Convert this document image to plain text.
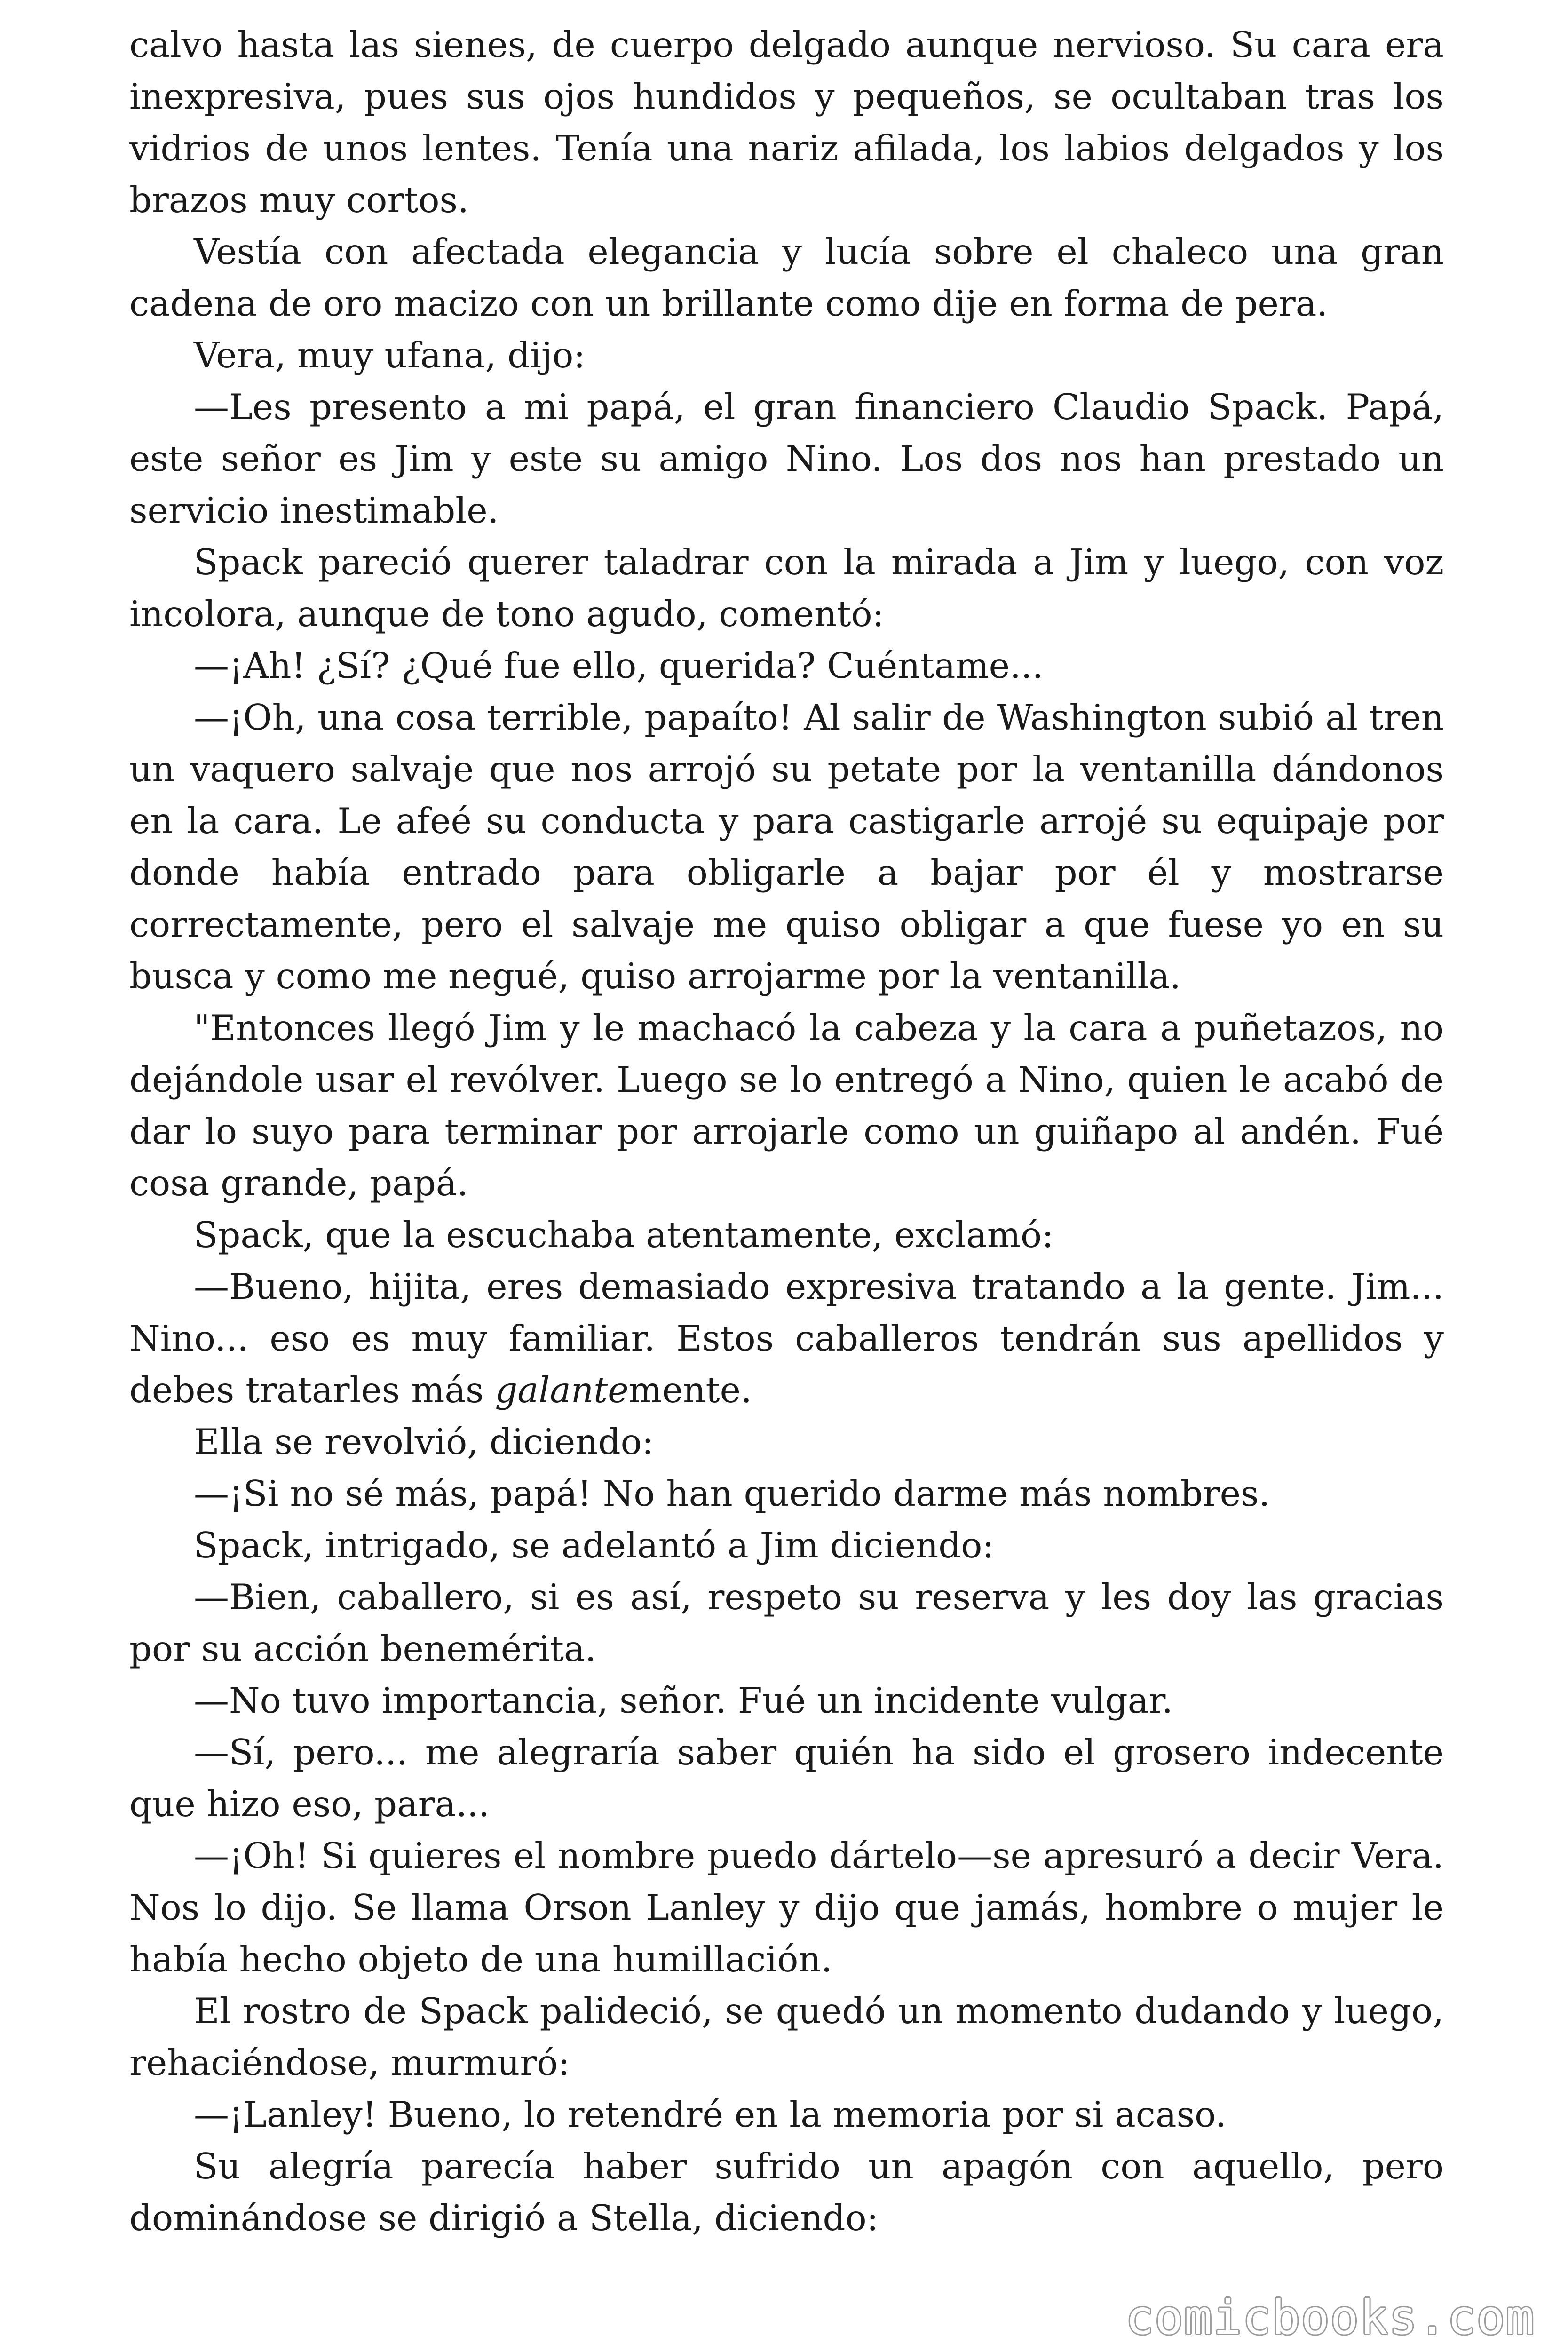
calvo hasta las sienes, de cuerpo delgado aunque nervioso. Su cara era inexpresiva, pues sus ojos hundidos y pequeños, se ocultaban tras los vidrios de unos lentes. Tenía una nariz afilada, los labios delgados y los brazos muy cortos.

Vestía con afectada elegancia y lucía sobre el chaleco una gran cadena de oro macizo con un brillante como dije en forma de pera.

Vera, muy ufana, dijo:

—Les presento a mi papá, el gran financiero Claudio Spack. Papá, este señor es Jim y este su amigo Nino. Los dos nos han prestado un servicio inestimable.

Spack pareció querer taladrar con la mirada a Jim y luego, con voz incolora, aunque de tono agudo, comentó:

—¡Ah! ¿Sí? ¿Qué fue ello, querida? Cuéntame...

—¡Oh, una cosa terrible, papaíto! Al salir de Washington subió al tren un vaquero salvaje que nos arrojó su petate por la ventanilla dándonos en la cara. Le afeé su conducta y para castigarle arrojé su equipaje por donde había entrado para obligarle a bajar por él y mostrarse correctamente, pero el salvaje me quiso obligar a que fuese yo en su busca y como me negué, quiso arrojarme por la ventanilla.

"Entonces llegó Jim y le machacó la cabeza y la cara a puñetazos, no dejándole usar el revólver. Luego se lo entregó a Nino, quien le acabó de dar lo suyo para terminar por arrojarle como un guiñapo al andén. Fué cosa grande, papá.

Spack, que la escuchaba atentamente, exclamó:

—Bueno, hijita, eres demasiado expresiva tratando a la gente. Jim... Nino... eso es muy familiar. Estos caballeros tendrán sus apellidos y debes tratarles más galantemente.

Ella se revolvió, diciendo:

—¡Si no sé más, papá! No han querido darme más nombres.

Spack, intrigado, se adelantó a Jim diciendo:

—Bien, caballero, si es así, respeto su reserva y les doy las gracias por su acción benemérita.

—No tuvo importancia, señor. Fué un incidente vulgar.

—Sí, pero... me alegraría saber quién ha sido el grosero indecente que hizo eso, para...

—¡Oh! Si quieres el nombre puedo dártelo—se apresuró a decir Vera. Nos lo dijo. Se llama Orson Lanley y dijo que jamás, hombre o mujer le había hecho objeto de una humillación.

El rostro de Spack palideció, se quedó un momento dudando y luego, rehaciéndose, murmuró:

—¡Lanley! Bueno, lo retendré en la memoria por si acaso.

Su alegría parecía haber sufrido un apagón con aquello, pero dominándose se dirigió a Stella, diciendo:

comicbooks.com
